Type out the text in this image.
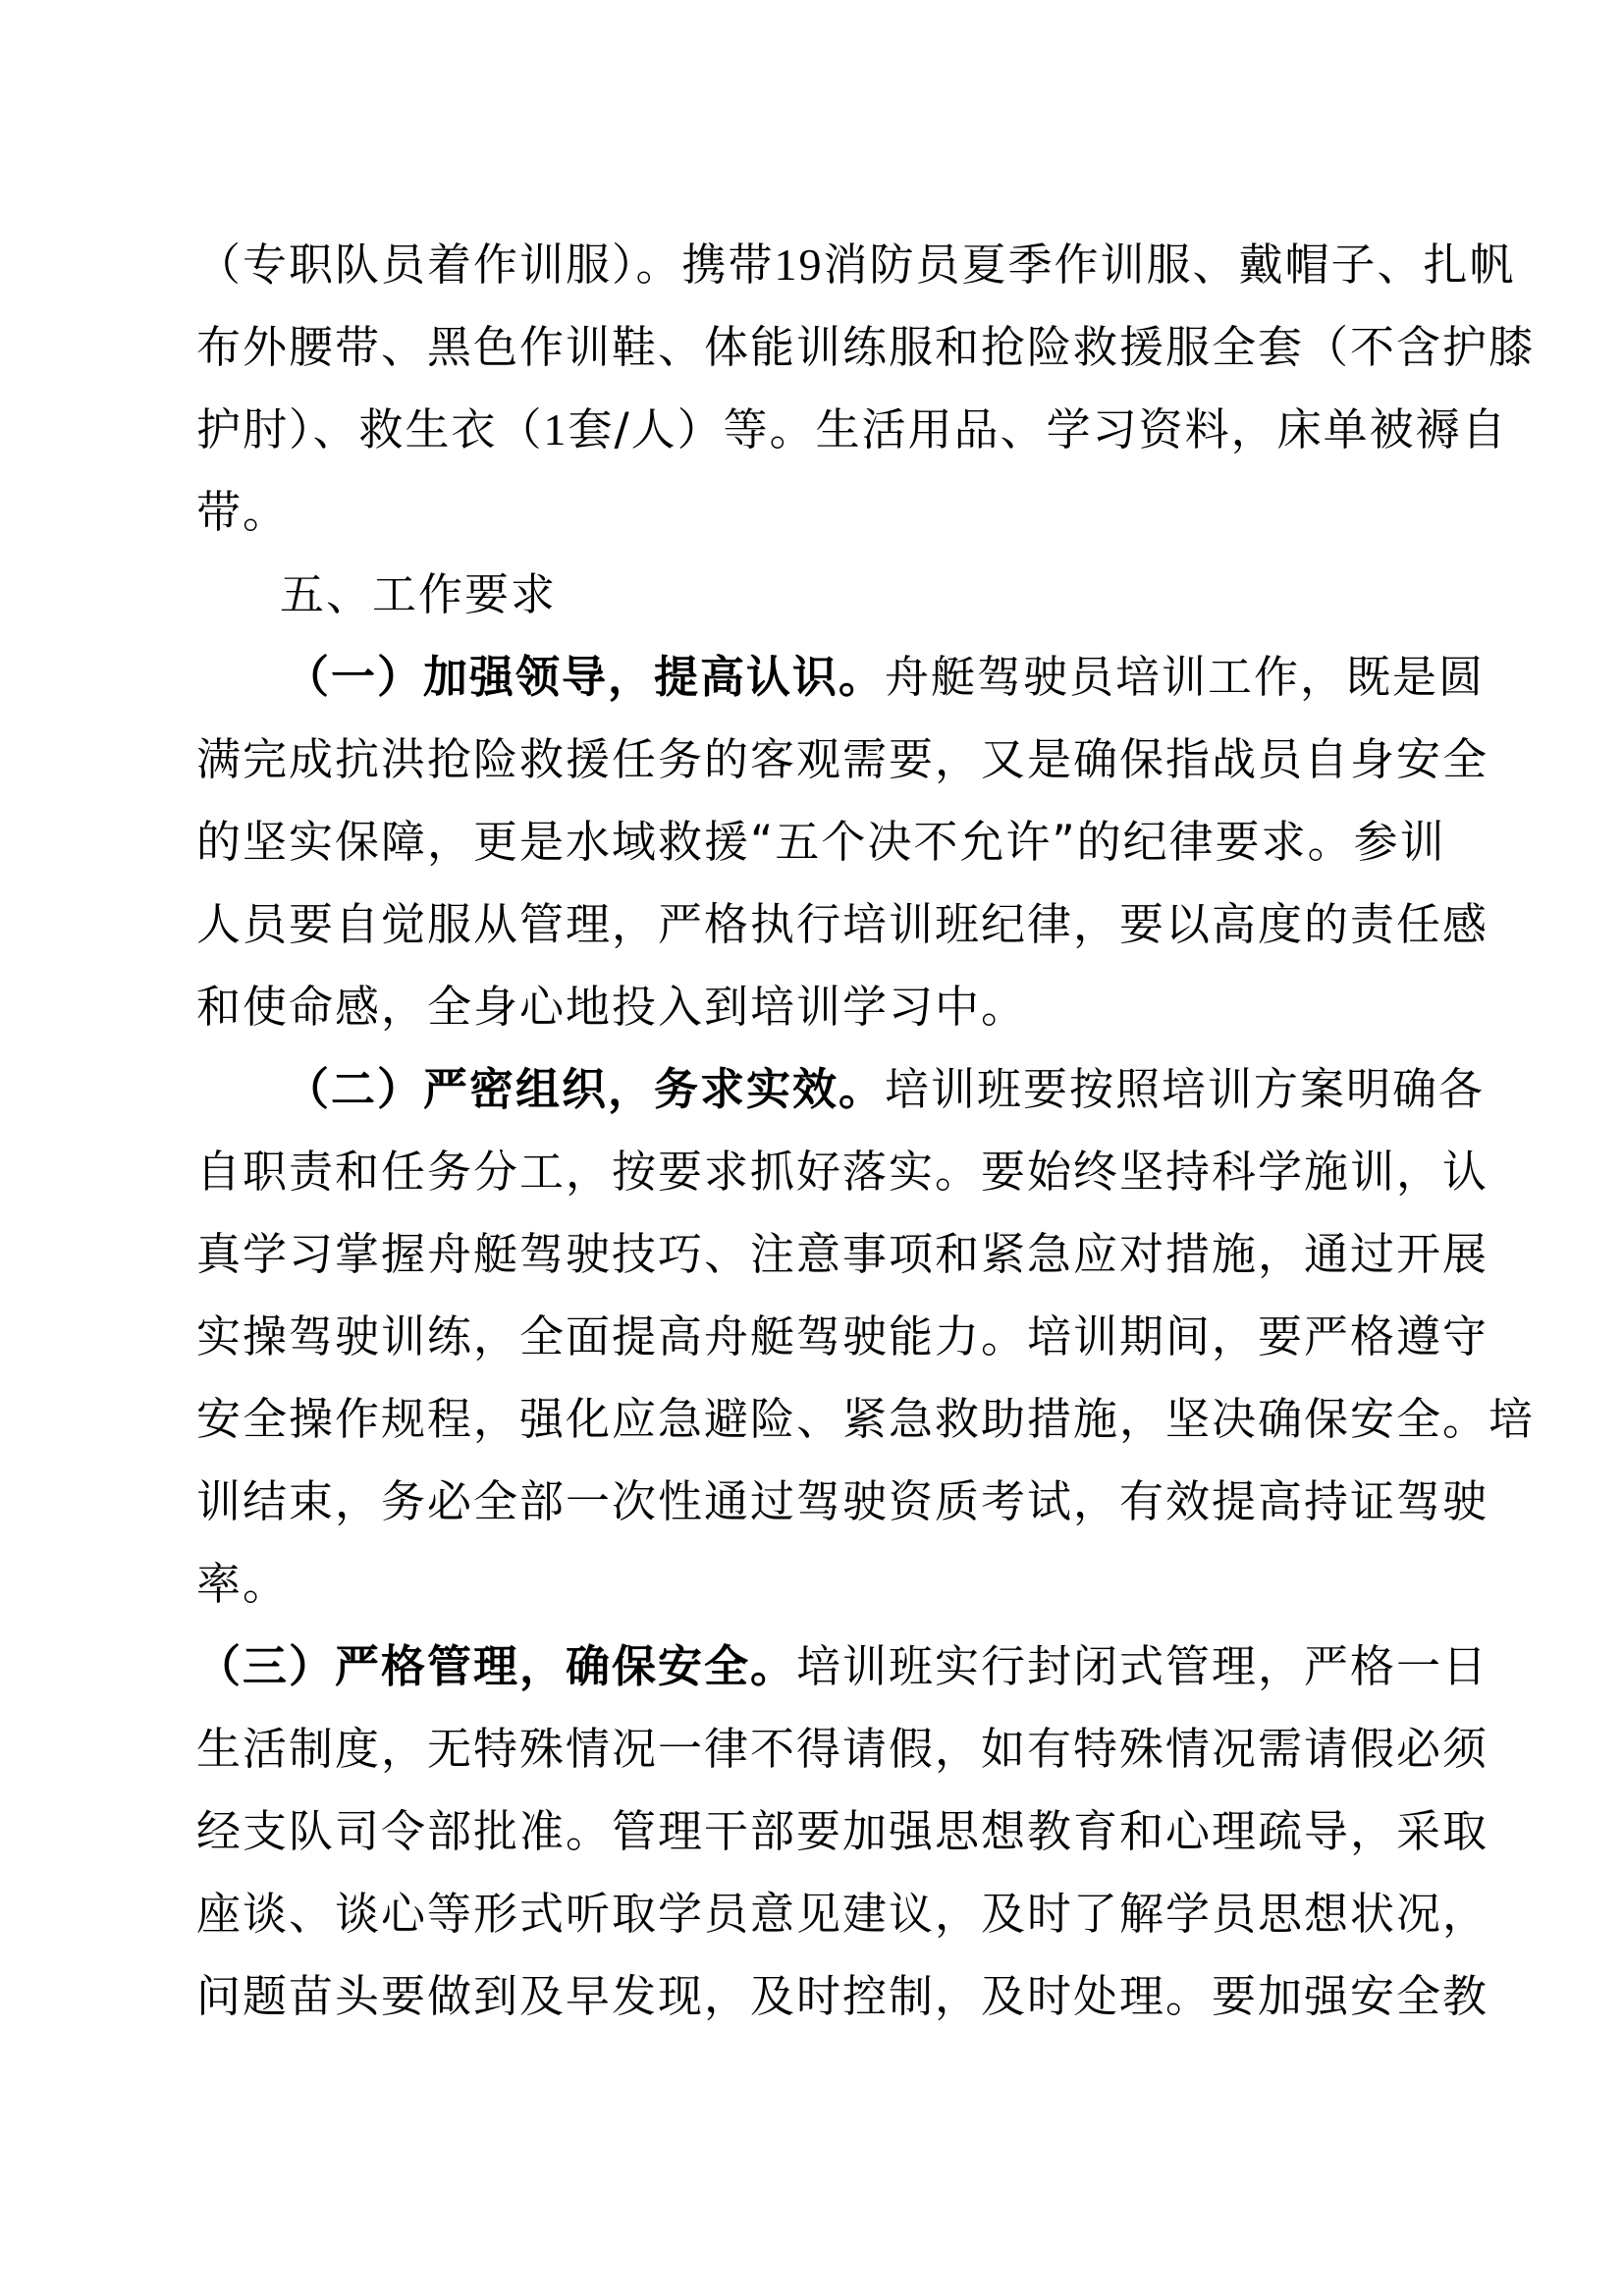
（专职队员着作训服）。携带19消防员夏季作训服、戴帽子、扎帆
布外腰带、黑色作训鞋、体能训练服和抢险救援服全套（不含护膝
护肘）、救生衣（1套/人）等。生活用品、学习资料，床单被褥自
带。
五、工作要求
（一）加强领导，提高认识。舟艇驾驶员培训工作，既是圆
满完成抗洪抢险救援任务的客观需要，又是确保指战员自身安全
的坚实保障，更是水域救援“五个决不允许”的纪律要求。参训
人员要自觉服从管理，严格执行培训班纪律，要以高度的责任感
和使命感，全身心地投入到培训学习中。
（二）严密组织，务求实效。培训班要按照培训方案明确各
自职责和任务分工，按要求抓好落实。要始终坚持科学施训，认
真学习掌握舟艇驾驶技巧、注意事项和紧急应对措施，通过开展
实操驾驶训练，全面提高舟艇驾驶能力。培训期间，要严格遵守
安全操作规程，强化应急避险、紧急救助措施，坚决确保安全。培
训结束，务必全部一次性通过驾驶资质考试，有效提高持证驾驶
率。
（三）严格管理，确保安全。培训班实行封闭式管理，严格一日
生活制度，无特殊情况一律不得请假，如有特殊情况需请假必须
经支队司令部批准。管理干部要加强思想教育和心理疏导，采取
座谈、谈心等形式听取学员意见建议，及时了解学员思想状况，
问题苗头要做到及早发现，及时控制，及时处理。要加强安全教
